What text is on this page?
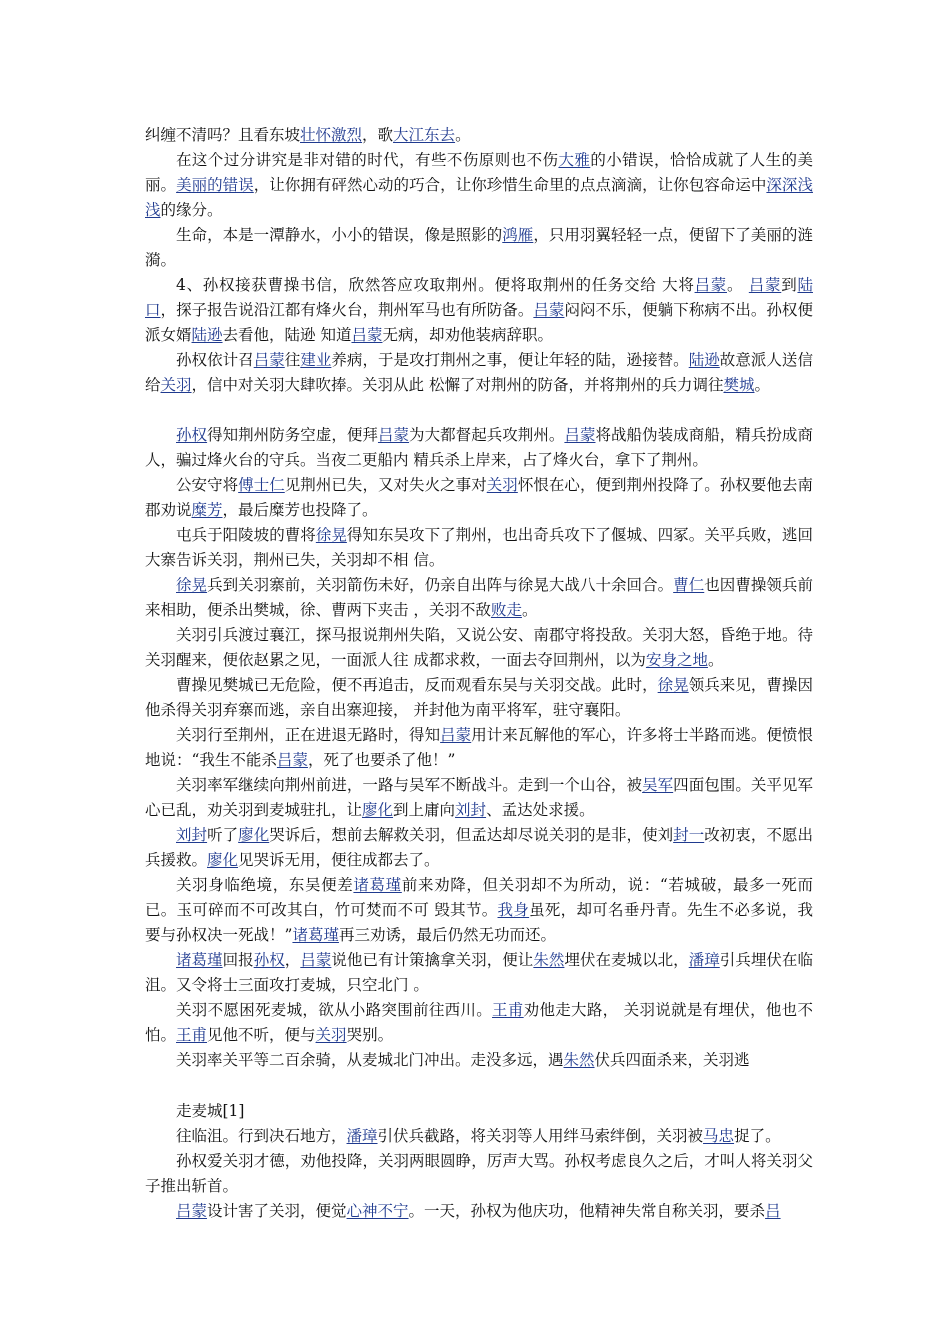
纠缠不清吗？且看东坡壮怀激烈，歌大江东去。

在这个过分讲究是非对错的时代，有些不伤原则也不伤大雅的小错误，恰恰成就了人生的美丽。美丽的错误，让你拥有砰然心动的巧合，让你珍惜生命里的点点滴滴，让你包容命运中深深浅浅的缘分。

生命，本是一潭静水，小小的错误，像是照影的鸿雁，只用羽翼轻轻一点，便留下了美丽的涟漪。

4、孙权接获曹操书信，欣然答应攻取荆州。便将取荆州的任务交给 大将吕蒙。 吕蒙到陆口，探子报告说沿江都有烽火台，荆州军马也有所防备。吕蒙闷闷不乐，便躺下称病不出。孙权便派女婿陆逊去看他，陆逊 知道吕蒙无病，却劝他装病辞职。

孙权依计召吕蒙往建业养病，于是攻打荆州之事，便让年轻的陆，逊接替。陆逊故意派人送信给关羽，信中对关羽大肆吹捧。关羽从此 松懈了对荆州的防备，并将荆州的兵力调往樊城。

孙权得知荆州防务空虚，便拜吕蒙为大都督起兵攻荆州。吕蒙将战船伪装成商船，精兵扮成商人，骗过烽火台的守兵。当夜二更船内 精兵杀上岸来，占了烽火台，拿下了荆州。

公安守将傅士仁见荆州已失，又对失火之事对关羽怀恨在心，便到荆州投降了。孙权要他去南郡劝说糜芳，最后糜芳也投降了。

屯兵于阳陵坡的曹将徐晃得知东吴攻下了荆州，也出奇兵攻下了偃城、四冢。关平兵败，逃回大寨告诉关羽，荆州已失，关羽却不相 信。

徐晃兵到关羽寨前，关羽箭伤未好，仍亲自出阵与徐晃大战八十余回合。曹仁也因曹操领兵前来相助，便杀出樊城，徐、曹两下夹击 ，关羽不敌败走。

关羽引兵渡过襄江，探马报说荆州失陷，又说公安、南郡守将投敌。关羽大怒，昏绝于地。待关羽醒来，便依赵累之见，一面派人往 成都求救，一面去夺回荆州，以为安身之地。

曹操见樊城已无危险，便不再追击，反而观看东吴与关羽交战。此时，徐晃领兵来见，曹操因他杀得关羽弃寨而逃，亲自出寨迎接， 并封他为南平将军，驻守襄阳。

关羽行至荆州，正在进退无路时，得知吕蒙用计来瓦解他的军心，许多将士半路而逃。便愤恨地说：“我生不能杀吕蒙，死了也要杀了他！”

关羽率军继续向荆州前进，一路与吴军不断战斗。走到一个山谷，被吴军四面包围。关平见军心已乱，劝关羽到麦城驻扎，让廖化到上庸向刘封、孟达处求援。

刘封听了廖化哭诉后，想前去解救关羽，但孟达却尽说关羽的是非，使刘封一改初衷，不愿出兵援救。廖化见哭诉无用，便往成都去了。

关羽身临绝境，东吴便差诸葛瑾前来劝降，但关羽却不为所动，说：“若城破，最多一死而已。玉可碎而不可改其白，竹可焚而不可 毁其节。我身虽死，却可名垂丹青。先生不必多说，我要与孙权决一死战！”诸葛瑾再三劝诱，最后仍然无功而还。

诸葛瑾回报孙权，吕蒙说他已有计策擒拿关羽，便让朱然埋伏在麦城以北，潘璋引兵埋伏在临沮。又令将士三面攻打麦城，只空北门 。

关羽不愿困死麦城，欲从小路突围前往西川。王甫劝他走大路， 关羽说就是有埋伏，他也不怕。王甫见他不听，便与关羽哭别。

关羽率关平等二百余骑，从麦城北门冲出。走没多远，遇朱然伏兵四面杀来，关羽逃

走麦城[1]

往临沮。行到决石地方，潘璋引伏兵截路，将关羽等人用绊马索绊倒，关羽被马忠捉了。

孙权爱关羽才德，劝他投降，关羽两眼圆睁，厉声大骂。孙权考虑良久之后，才叫人将关羽父子推出斩首。

吕蒙设计害了关羽，便觉心神不宁。一天，孙权为他庆功，他精神失常自称关羽，要杀吕
